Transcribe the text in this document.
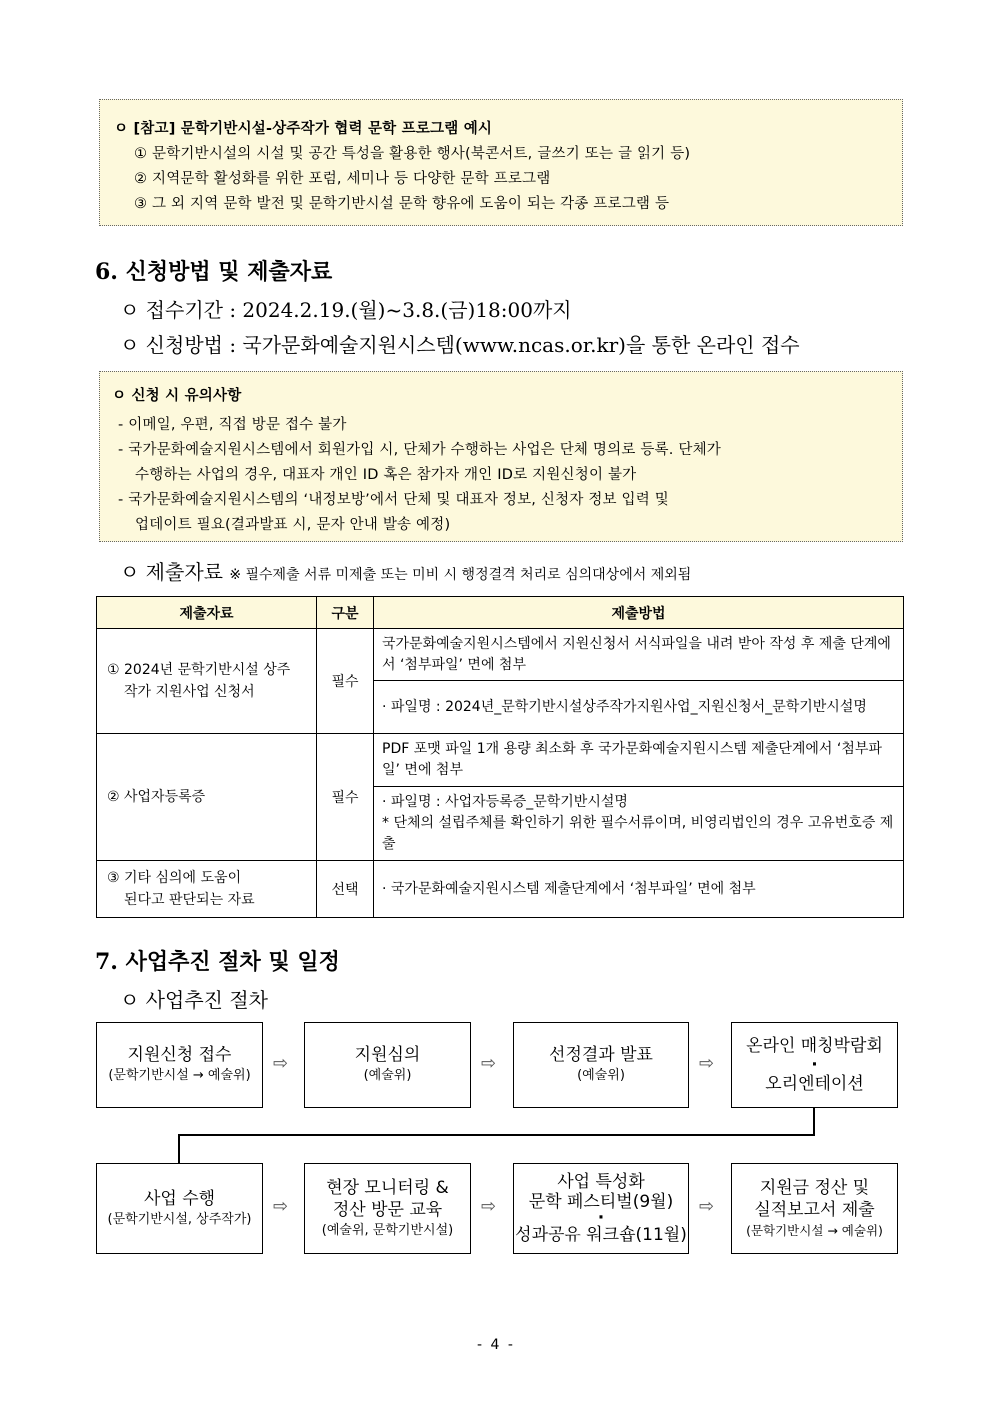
ㅇ [참고] 문학기반시설-상주작가 협력 문학 프로그램 예시
① 문학기반시설의 시설 및 공간 특성을 활용한 행사(북콘서트, 글쓰기 또는 글 읽기 등)
② 지역문학 활성화를 위한 포럼, 세미나 등 다양한 문학 프로그램
③ 그 외 지역 문학 발전 및 문학기반시설 문학 향유에 도움이 되는 각종 프로그램 등
6. 신청방법 및 제출자료
ㅇ 접수기간 : 2024.2.19.(월)~3.8.(금)18:00까지
ㅇ 신청방법 : 국가문화예술지원시스템(www.ncas.or.kr)을 통한 온라인 접수
ㅇ 신청 시 유의사항
- 이메일, 우편, 직접 방문 접수 불가
- 국가문화예술지원시스템에서 회원가입 시, 단체가 수행하는 사업은 단체 명의로 등록. 단체가
수행하는 사업의 경우, 대표자 개인 ID 혹은 참가자 개인 ID로 지원신청이 불가
- 국가문화예술지원시스템의 ‘내정보방’에서 단체 및 대표자 정보, 신청자 정보 입력 및
업데이트 필요(결과발표 시, 문자 안내 발송 예정)
ㅇ 제출자료 ※ 필수제출 서류 미제출 또는 미비 시 행정결격 처리로 심의대상에서 제외됨
제출자료	구분	제출방법

① 2024년 문학기반시설 상주
작가 지원사업 신청서	필수	국가문화예술지원시스템에서 지원신청서 서식파일을 내려 받아 작성 후 제출 단계에서 ‘첨부파일’ 면에 첨부
		· 파일명 : 2024년_문학기반시설상주작가지원사업_지원신청서_문학기반시설명
② 사업자등록증	필수	PDF 포맷 파일 1개 용량 최소화 후 국가문화예술지원시스템 제출단계에서 ‘첨부파일’ 면에 첨부

		· 파일명 : 사업자등록증_문학기반시설명
* 단체의 설립주체를 확인하기 위한 필수서류이며, 비영리법인의 경우 고유번호증 제출

③ 기타 심의에 도움이
된다고 판단되는 자료	선택	· 국가문화예술지원시스템 제출단계에서 ‘첨부파일’ 면에 첨부
7. 사업추진 절차 및 일정
ㅇ 사업추진 절차
지원신청 접수
(문학기반시설 → 예술위)
⇨	지원심의
(예술위)
⇨	선정결과 발표
(예술위)
⇨
온라인 매칭박람회
·
오리엔테이션
사업 수행
(문학기반시설, 상주작가)
⇨
현장 모니터링 &
정산 방문 교육
(예술위, 문학기반시설)
⇨
사업 특성화
문학 페스티벌(9월)
·
성과공유 워크숍(11월)
⇨
지원금 정산 및
실적보고서 제출
(문학기반시설 → 예술위)
- 4 -
